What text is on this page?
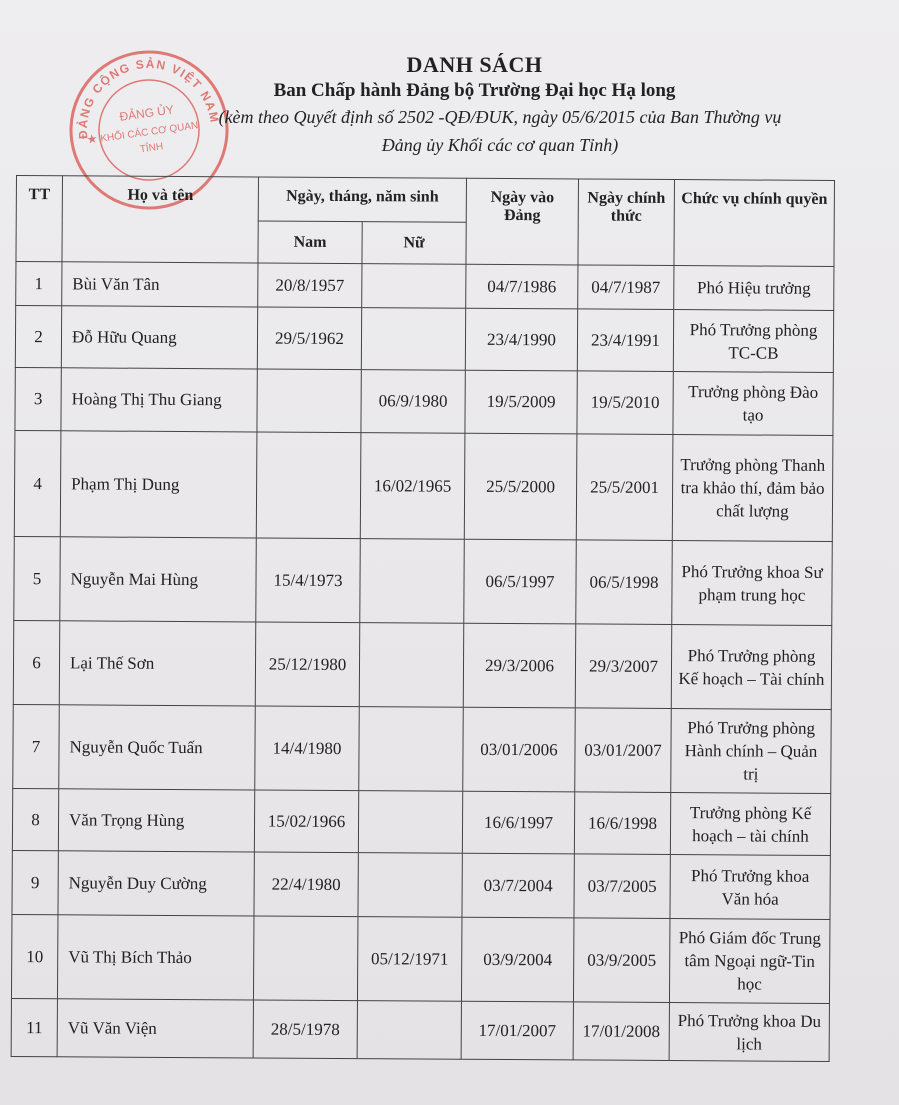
ĐẢNG CỘNG SẢN VIỆT NAM
ĐẢNG ỦY
KHỐI CÁC CƠ QUAN
TỈNH
★
DANH SÁCH
Ban Chấp hành Đảng bộ Trường Đại học Hạ long
(kèm theo Quyết định số 2502 -QĐ/ĐUK, ngày 05/6/2015 của Ban Thường vụ
Đảng ủy Khối các cơ quan Tỉnh)
TT	Họ và tên	Ngày, tháng, năm sinh		Ngày vào Đảng	Ngày chính thức	Chức vụ chính quyền
		Nam	Nữ			
1	Bùi Văn Tân	20/8/1957		04/7/1986	04/7/1987	Phó Hiệu trưởng
2	Đỗ Hữu Quang	29/5/1962		23/4/1990	23/4/1991	Phó Trưởng phòng TC-CB
3	Hoàng Thị Thu Giang		06/9/1980	19/5/2009	19/5/2010	Trưởng phòng Đào tạo
4	Phạm Thị Dung		16/02/1965	25/5/2000	25/5/2001	Trưởng phòng Thanh tra khảo thí, đảm bảo chất lượng
5	Nguyễn Mai Hùng	15/4/1973		06/5/1997	06/5/1998	Phó Trưởng khoa Sư phạm trung học
6	Lại Thế Sơn	25/12/1980		29/3/2006	29/3/2007	Phó Trưởng phòng Kế hoạch – Tài chính
7	Nguyễn Quốc Tuấn	14/4/1980		03/01/2006	03/01/2007	Phó Trưởng phòng Hành chính – Quản trị
8	Văn Trọng Hùng	15/02/1966		16/6/1997	16/6/1998	Trưởng phòng Kế hoạch – tài chính
9	Nguyễn Duy Cường	22/4/1980		03/7/2004	03/7/2005	Phó Trưởng khoa Văn hóa
10	Vũ Thị Bích Thảo		05/12/1971	03/9/2004	03/9/2005	Phó Giám đốc Trung tâm Ngoại ngữ-Tin học
11	Vũ Văn Viện	28/5/1978		17/01/2007	17/01/2008	Phó Trưởng khoa Du lịch
